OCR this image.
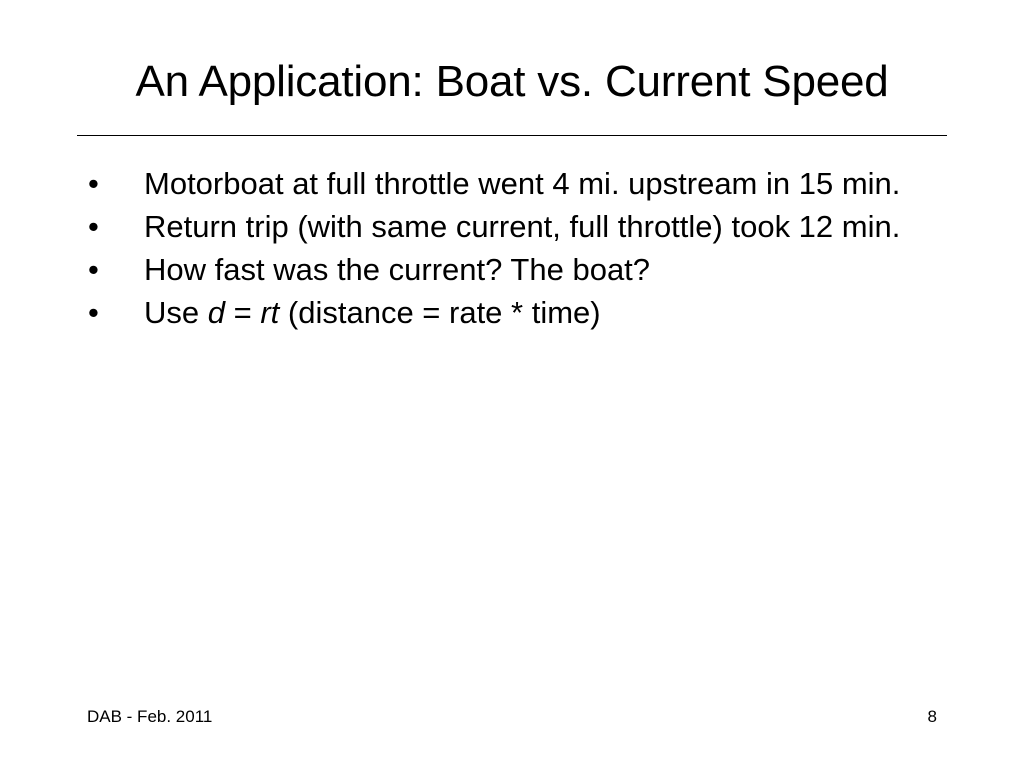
An Application: Boat vs. Current Speed
• Motorboat at full throttle went 4 mi. upstream in 15 min.
• Return trip (with same current, full throttle) took 12 min.
• How fast was the current? The boat?
• Use d = rt (distance = rate * time)
DAB - Feb. 2011	8
